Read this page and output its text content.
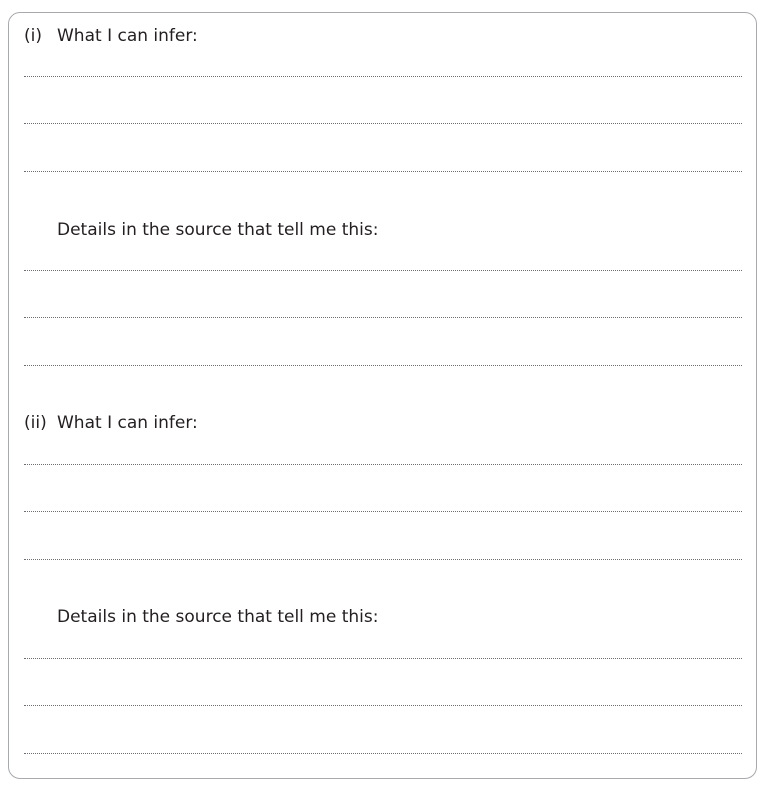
(i) What I can infer:
Details in the source that tell me this:
(ii) What I can infer:
Details in the source that tell me this:
